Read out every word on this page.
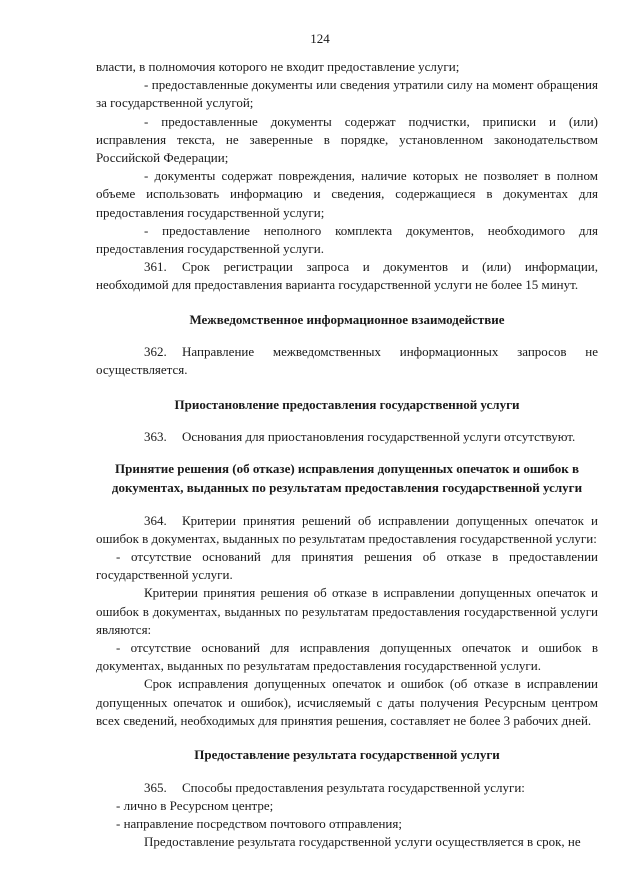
124

власти, в полномочия которого не входит предоставление услуги;

- предоставленные документы или сведения утратили силу на момент обращения за государственной услугой;

- предоставленные документы содержат подчистки, приписки и (или) исправления текста, не заверенные в порядке, установленном законодательством Российской Федерации;

- документы содержат повреждения, наличие которых не позволяет в полном объеме использовать информацию и сведения, содержащиеся в документах для предоставления государственной услуги;

- предоставление неполного комплекта документов, необходимого для предоставления государственной услуги.

361. Срок регистрации запроса и документов и (или) информации, необходимой для предоставления варианта государственной услуги не более 15 минут.

Межведомственное информационное взаимодействие

362. Направление межведомственных информационных запросов не осуществляется.

Приостановление предоставления государственной услуги

363. Основания для приостановления государственной услуги отсутствуют.

Принятие решения (об отказе) исправления допущенных опечаток и ошибок в документах, выданных по результатам предоставления государственной услуги

364. Критерии принятия решений об исправлении допущенных опечаток и ошибок в документах, выданных по результатам предоставления государственной услуги:

- отсутствие оснований для принятия решения об отказе в предоставлении государственной услуги.

Критерии принятия решения об отказе в исправлении допущенных опечаток и ошибок в документах, выданных по результатам предоставления государственной услуги являются:

- отсутствие оснований для исправления допущенных опечаток и ошибок в документах, выданных по результатам предоставления государственной услуги.

Срок исправления допущенных опечаток и ошибок (об отказе в исправлении допущенных опечаток и ошибок), исчисляемый с даты получения Ресурсным центром всех сведений, необходимых для принятия решения, составляет не более 3 рабочих дней.

Предоставление результата государственной услуги

365. Способы предоставления результата государственной услуги:

- лично в Ресурсном центре;

- направление посредством почтового отправления;

Предоставление результата государственной услуги осуществляется в срок, не
